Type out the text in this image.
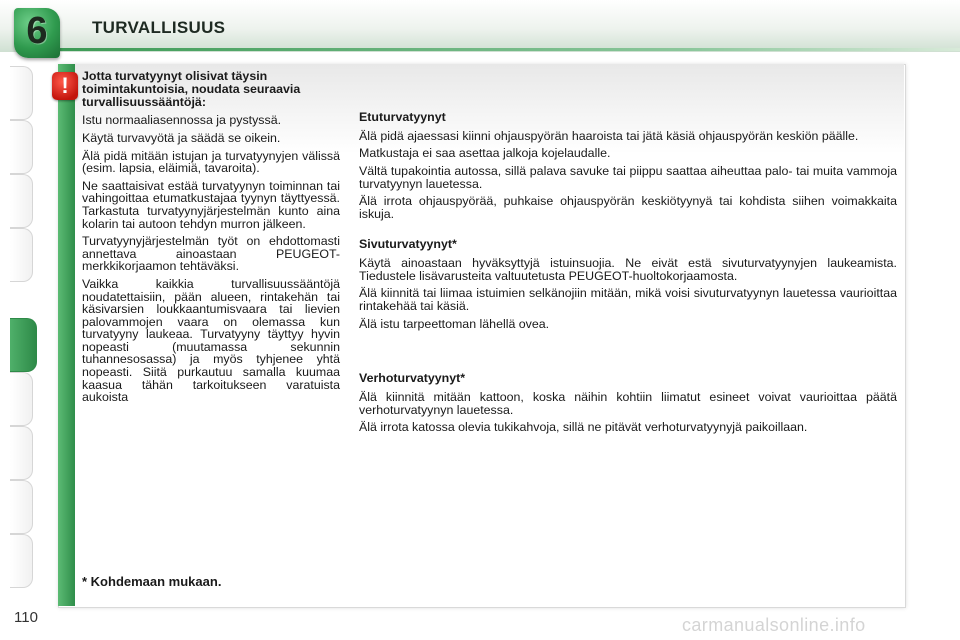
6	TURVALLISUUS
!	Jotta turvatyynyt olisivat täysin toimintakuntoisia, noudata seuraavia turvallisuussääntöjä:

Istu normaaliasennossa ja pystyssä.

Käytä turvavyötä ja säädä se oikein.

Älä pidä mitään istujan ja turvatyynyjen välissä (esim. lapsia, eläimiä, tavaroita).

Ne saattaisivat estää turvatyynyn toiminnan tai vahingoittaa etumatkustajaa tyynyn täyttyessä. Tarkastuta turvatyynyjärjestelmän kunto aina kolarin tai autoon tehdyn murron jälkeen.

Turvatyynyjärjestelmän työt on ehdottomasti annettava ainoastaan PEUGEOT-merkkikorjaamon tehtäväksi.

Vaikka kaikkia turvallisuussääntöjä noudatettaisiin, pään alueen, rintakehän tai käsivarsien loukkaantumisvaara tai lievien palovammojen vaara on olemassa kun turvatyyny laukeaa. Turvatyyny täyttyy hyvin nopeasti (muutamassa sekunnin tuhannesosassa) ja myös tyhjenee yhtä nopeasti. Siitä purkautuu samalla kuumaa kaasua tähän tarkoitukseen varatuista aukoista

Etuturvatyynyt

Älä pidä ajaessasi kiinni ohjauspyörän haaroista tai jätä käsiä ohjauspyörän keskiön päälle.

Matkustaja ei saa asettaa jalkoja kojelaudalle.

Vältä tupakointia autossa, sillä palava savuke tai piippu saattaa aiheuttaa palo- tai muita vammoja turvatyynyn lauetessa.

Älä irrota ohjauspyörää, puhkaise ohjauspyörän keskiötyynyä tai kohdista siihen voimakkaita iskuja.

Sivuturvatyynyt*

Käytä ainoastaan hyväksyttyjä istuinsuojia. Ne eivät estä sivuturvatyynyjen laukeamista. Tiedustele lisävarusteita valtuutetusta PEUGEOT-huoltokorjaamosta.

Älä kiinnitä tai liimaa istuimien selkänojiin mitään, mikä voisi sivuturvatyynyn lauetessa vaurioittaa rintakehää tai käsiä.

Älä istu tarpeettoman lähellä ovea.

Verhoturvatyynyt*

Älä kiinnitä mitään kattoon, koska näihin kohtiin liimatut esineet voivat vaurioittaa päätä verhoturvatyynyn lauetessa.

Älä irrota katossa olevia tukikahvoja, sillä ne pitävät verhoturvatyynyjä paikoillaan.

* Kohdemaan mukaan.
110	carmanualsonline.info
